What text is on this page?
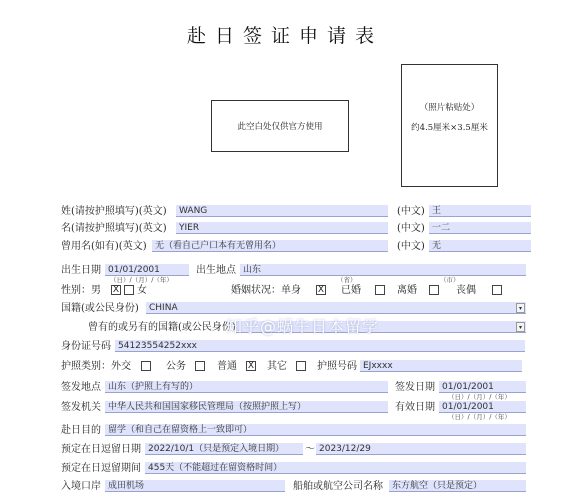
赴日签证申请表
此空白处仅供官方使用
（照片粘贴处）
约4.5厘米×3.5厘米
姓(请按护照填写)(英文)	WANG	(中文) 王
名(请按护照填写)(英文)	YIER	(中文) 一二
曾用名(如有)(英文) 无（看自己户口本有无曾用名）	(中文) 无
出生日期 01/01/2001
（日）/（月）/（年）
出生地点 山东
（省）	（市）
性别：男 X 女	婚姻状况：单身 X 已婚	离婚	丧偶
国籍(或公民身份)	CHINA	▾
曾有的或另有的国籍(或公民身份)	▾
身份证号码 54123554252xxx
护照类别：外交	公务	普通 X 其它	护照号码 EJxxxx
签发地点 山东（护照上有写的）	签发日期 01/01/2001
（日）/（月）/（年）
签发机关 中华人民共和国国家移民管理局（按照护照上写）	有效日期 01/01/2001
（日）/（月）/（年）
赴日目的 留学（和自己在留资格上一致即可）
预定在日逗留日期 2022/10/1（只是预定入境日期）	～ 2023/12/29
预定在日逗留期间 455天（不能超过在留资格时间）
入境口岸 成田机场	船舶或航空公司名称	东方航空（只是预定）
知乎@蜗牛日本留学
